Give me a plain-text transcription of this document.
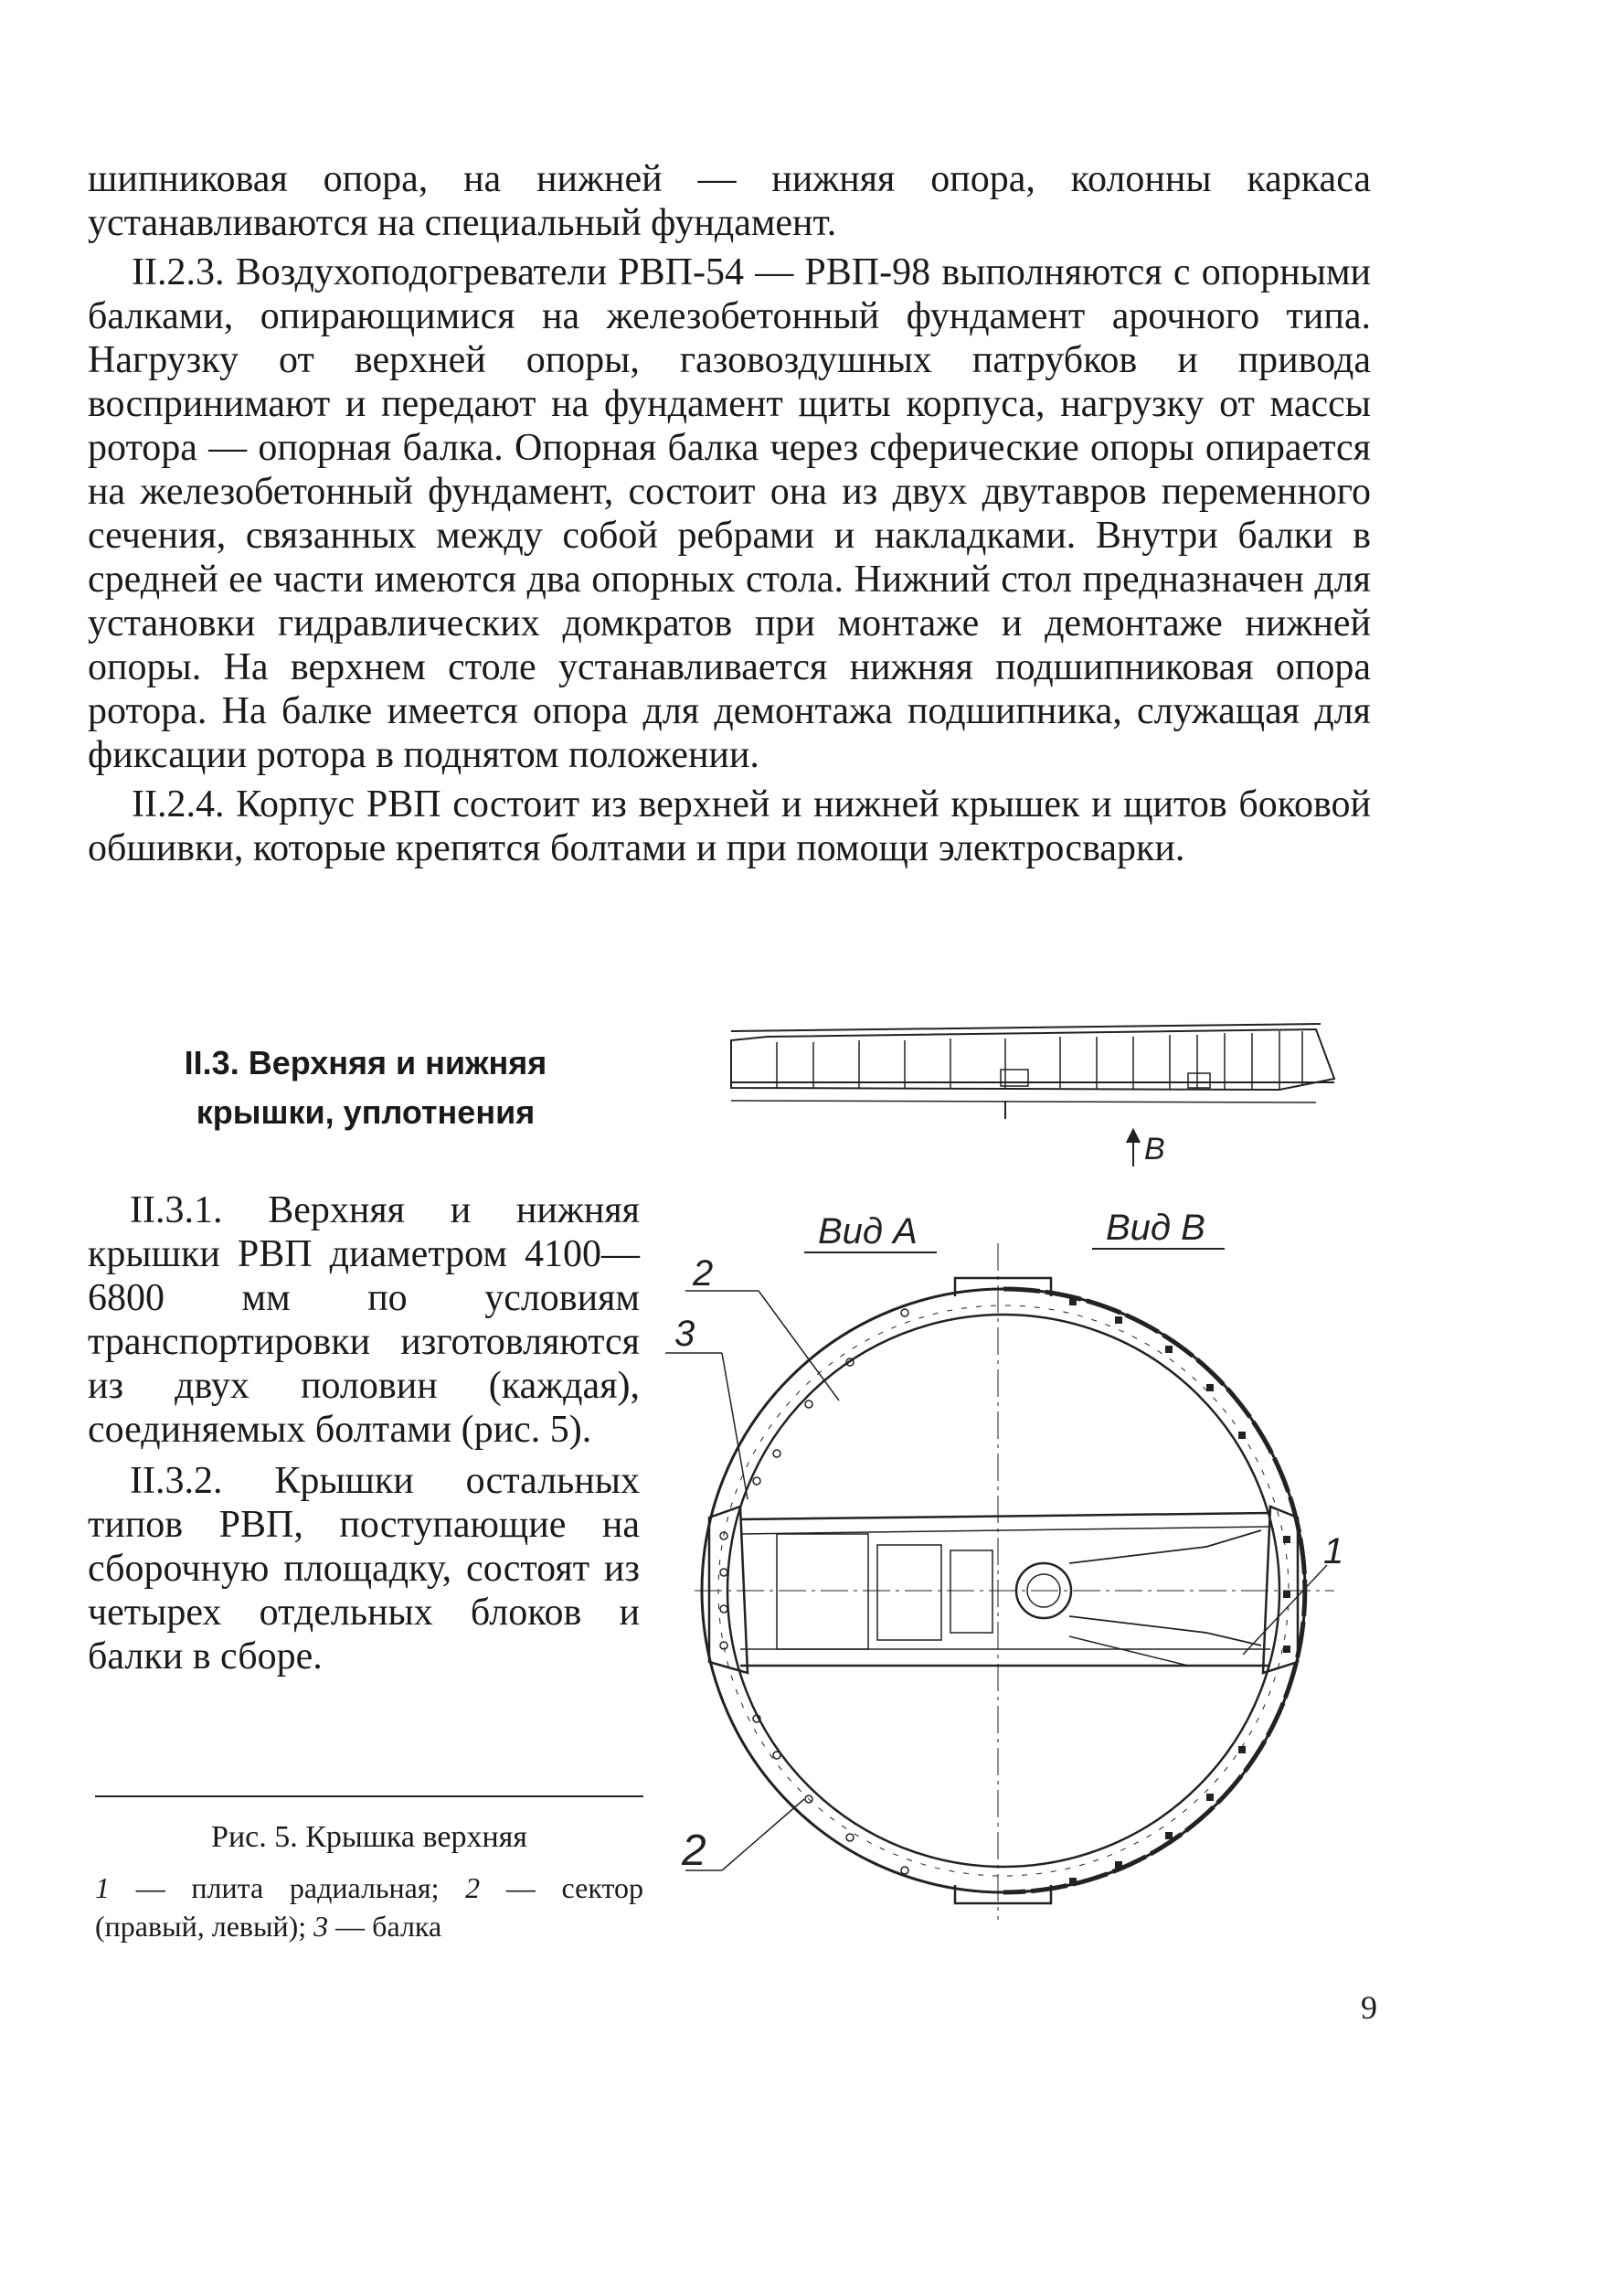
шипниковая опора, на нижней — нижняя опора, колонны каркаса устанавливаются на специальный фундамент.

II.2.3. Воздухоподогреватели РВП-54 — РВП-98 выполняются с опорными балками, опирающимися на железобетонный фундамент арочного типа. Нагрузку от верхней опоры, газовоздушных патрубков и привода воспринимают и передают на фундамент щиты корпуса, нагрузку от массы ротора — опорная балка. Опорная балка через сферические опоры опирается на железобетонный фундамент, состоит она из двух двутавров переменного сечения, связанных между собой ребрами и накладками. Внутри балки в средней ее части имеются два опорных стола. Нижний стол предназначен для установки гидравлических домкратов при монтаже и демонтаже нижней опоры. На верхнем столе устанавливается нижняя подшипниковая опора ротора. На балке имеется опора для демонтажа подшипника, служащая для фиксации ротора в поднятом положении.

II.2.4. Корпус РВП состоит из верхней и нижней крышек и щитов боковой обшивки, которые крепятся болтами и при помощи электросварки.

II.3. Верхняя и нижняя
крышки, уплотнения

II.3.1. Верхняя и нижняя крышки РВП диаметром 4100—6800 мм по условиям транспортировки изготовляются из двух половин (каждая), соединяемых болтами (рис. 5).

II.3.2. Крышки остальных типов РВП, поступающие на сборочную площадку, состоят из четырех отдельных блоков и балки в сборе.

Рис. 5. Крышка верхняя
1 — плита радиальная; 2 — сектор (правый, левый); 3 — балка
В
Вид А	Вид В
2
3
1
2
9
